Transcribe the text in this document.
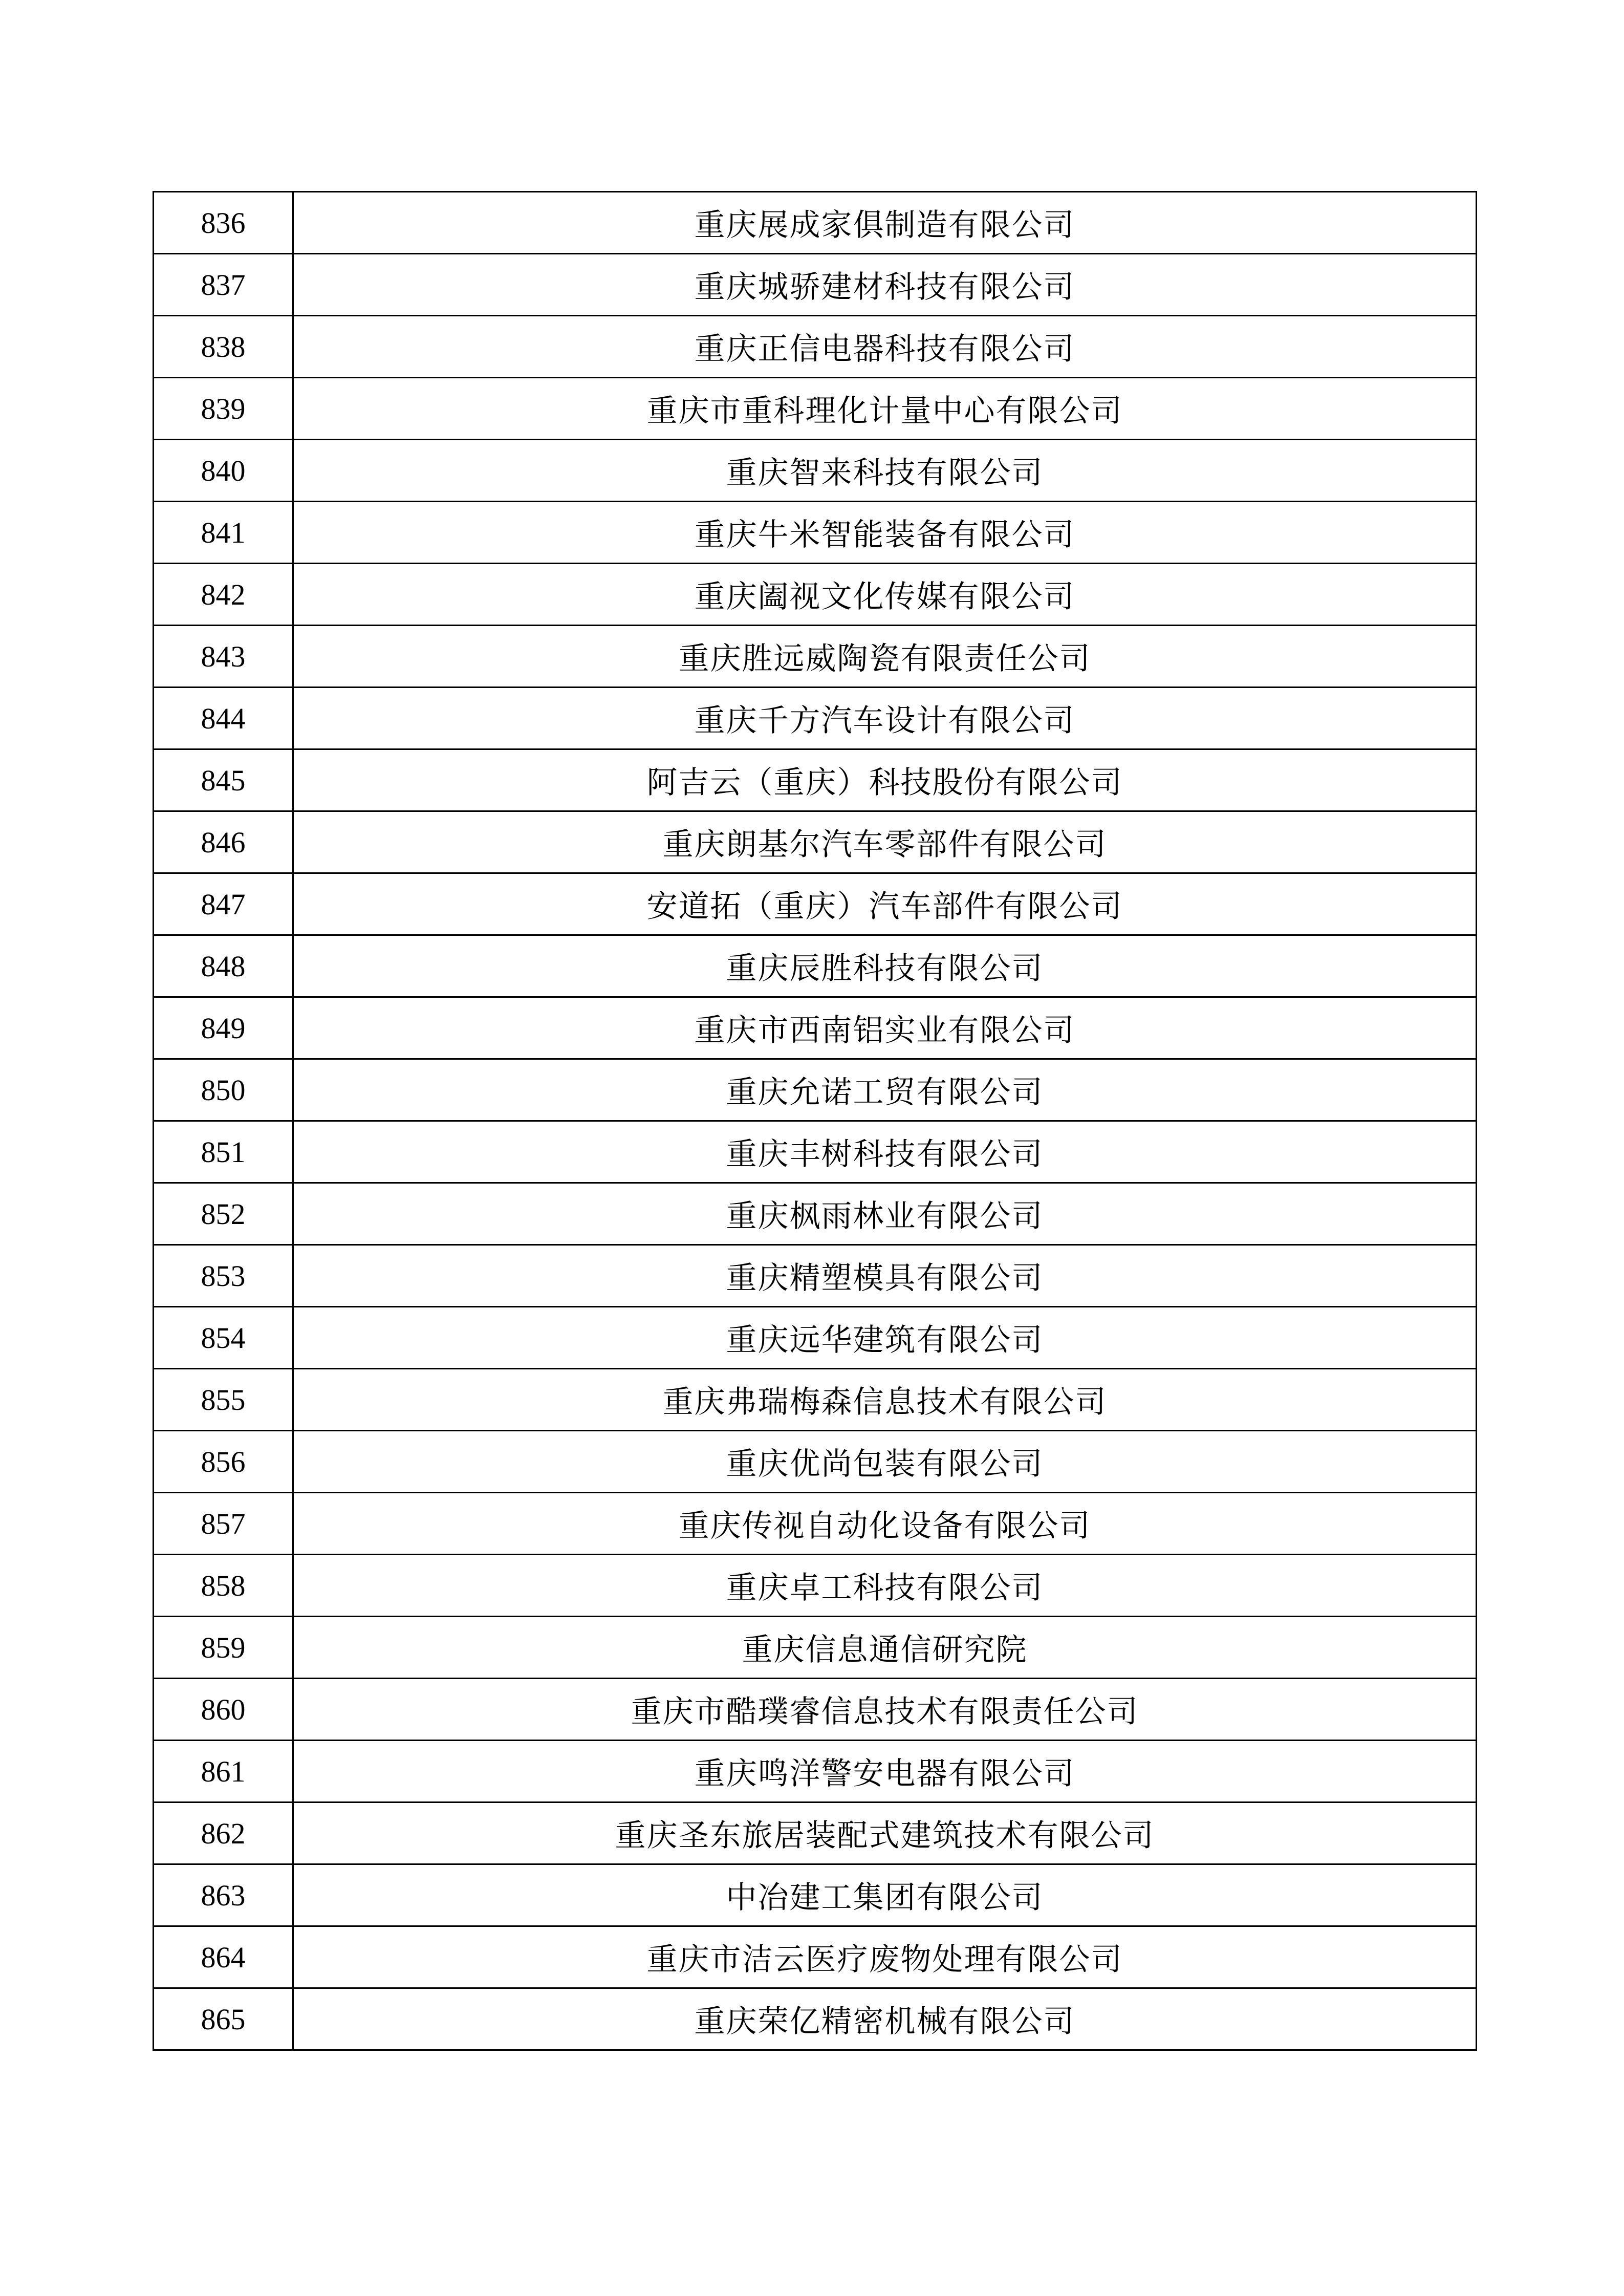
836	重庆展成家俱制造有限公司
837	重庆城骄建材科技有限公司
838	重庆正信电器科技有限公司
839	重庆市重科理化计量中心有限公司
840	重庆智来科技有限公司
841	重庆牛米智能装备有限公司
842	重庆阖视文化传媒有限公司
843	重庆胜远威陶瓷有限责任公司
844	重庆千方汽车设计有限公司
845	阿吉云（重庆）科技股份有限公司
846	重庆朗基尔汽车零部件有限公司
847	安道拓（重庆）汽车部件有限公司
848	重庆辰胜科技有限公司
849	重庆市西南铝实业有限公司
850	重庆允诺工贸有限公司
851	重庆丰树科技有限公司
852	重庆枫雨林业有限公司
853	重庆精塑模具有限公司
854	重庆远华建筑有限公司
855	重庆弗瑞梅森信息技术有限公司
856	重庆优尚包装有限公司
857	重庆传视自动化设备有限公司
858	重庆卓工科技有限公司
859	重庆信息通信研究院
860	重庆市酷璞睿信息技术有限责任公司
861	重庆鸣洋警安电器有限公司
862	重庆圣东旅居装配式建筑技术有限公司
863	中冶建工集团有限公司
864	重庆市洁云医疗废物处理有限公司
865	重庆荣亿精密机械有限公司
